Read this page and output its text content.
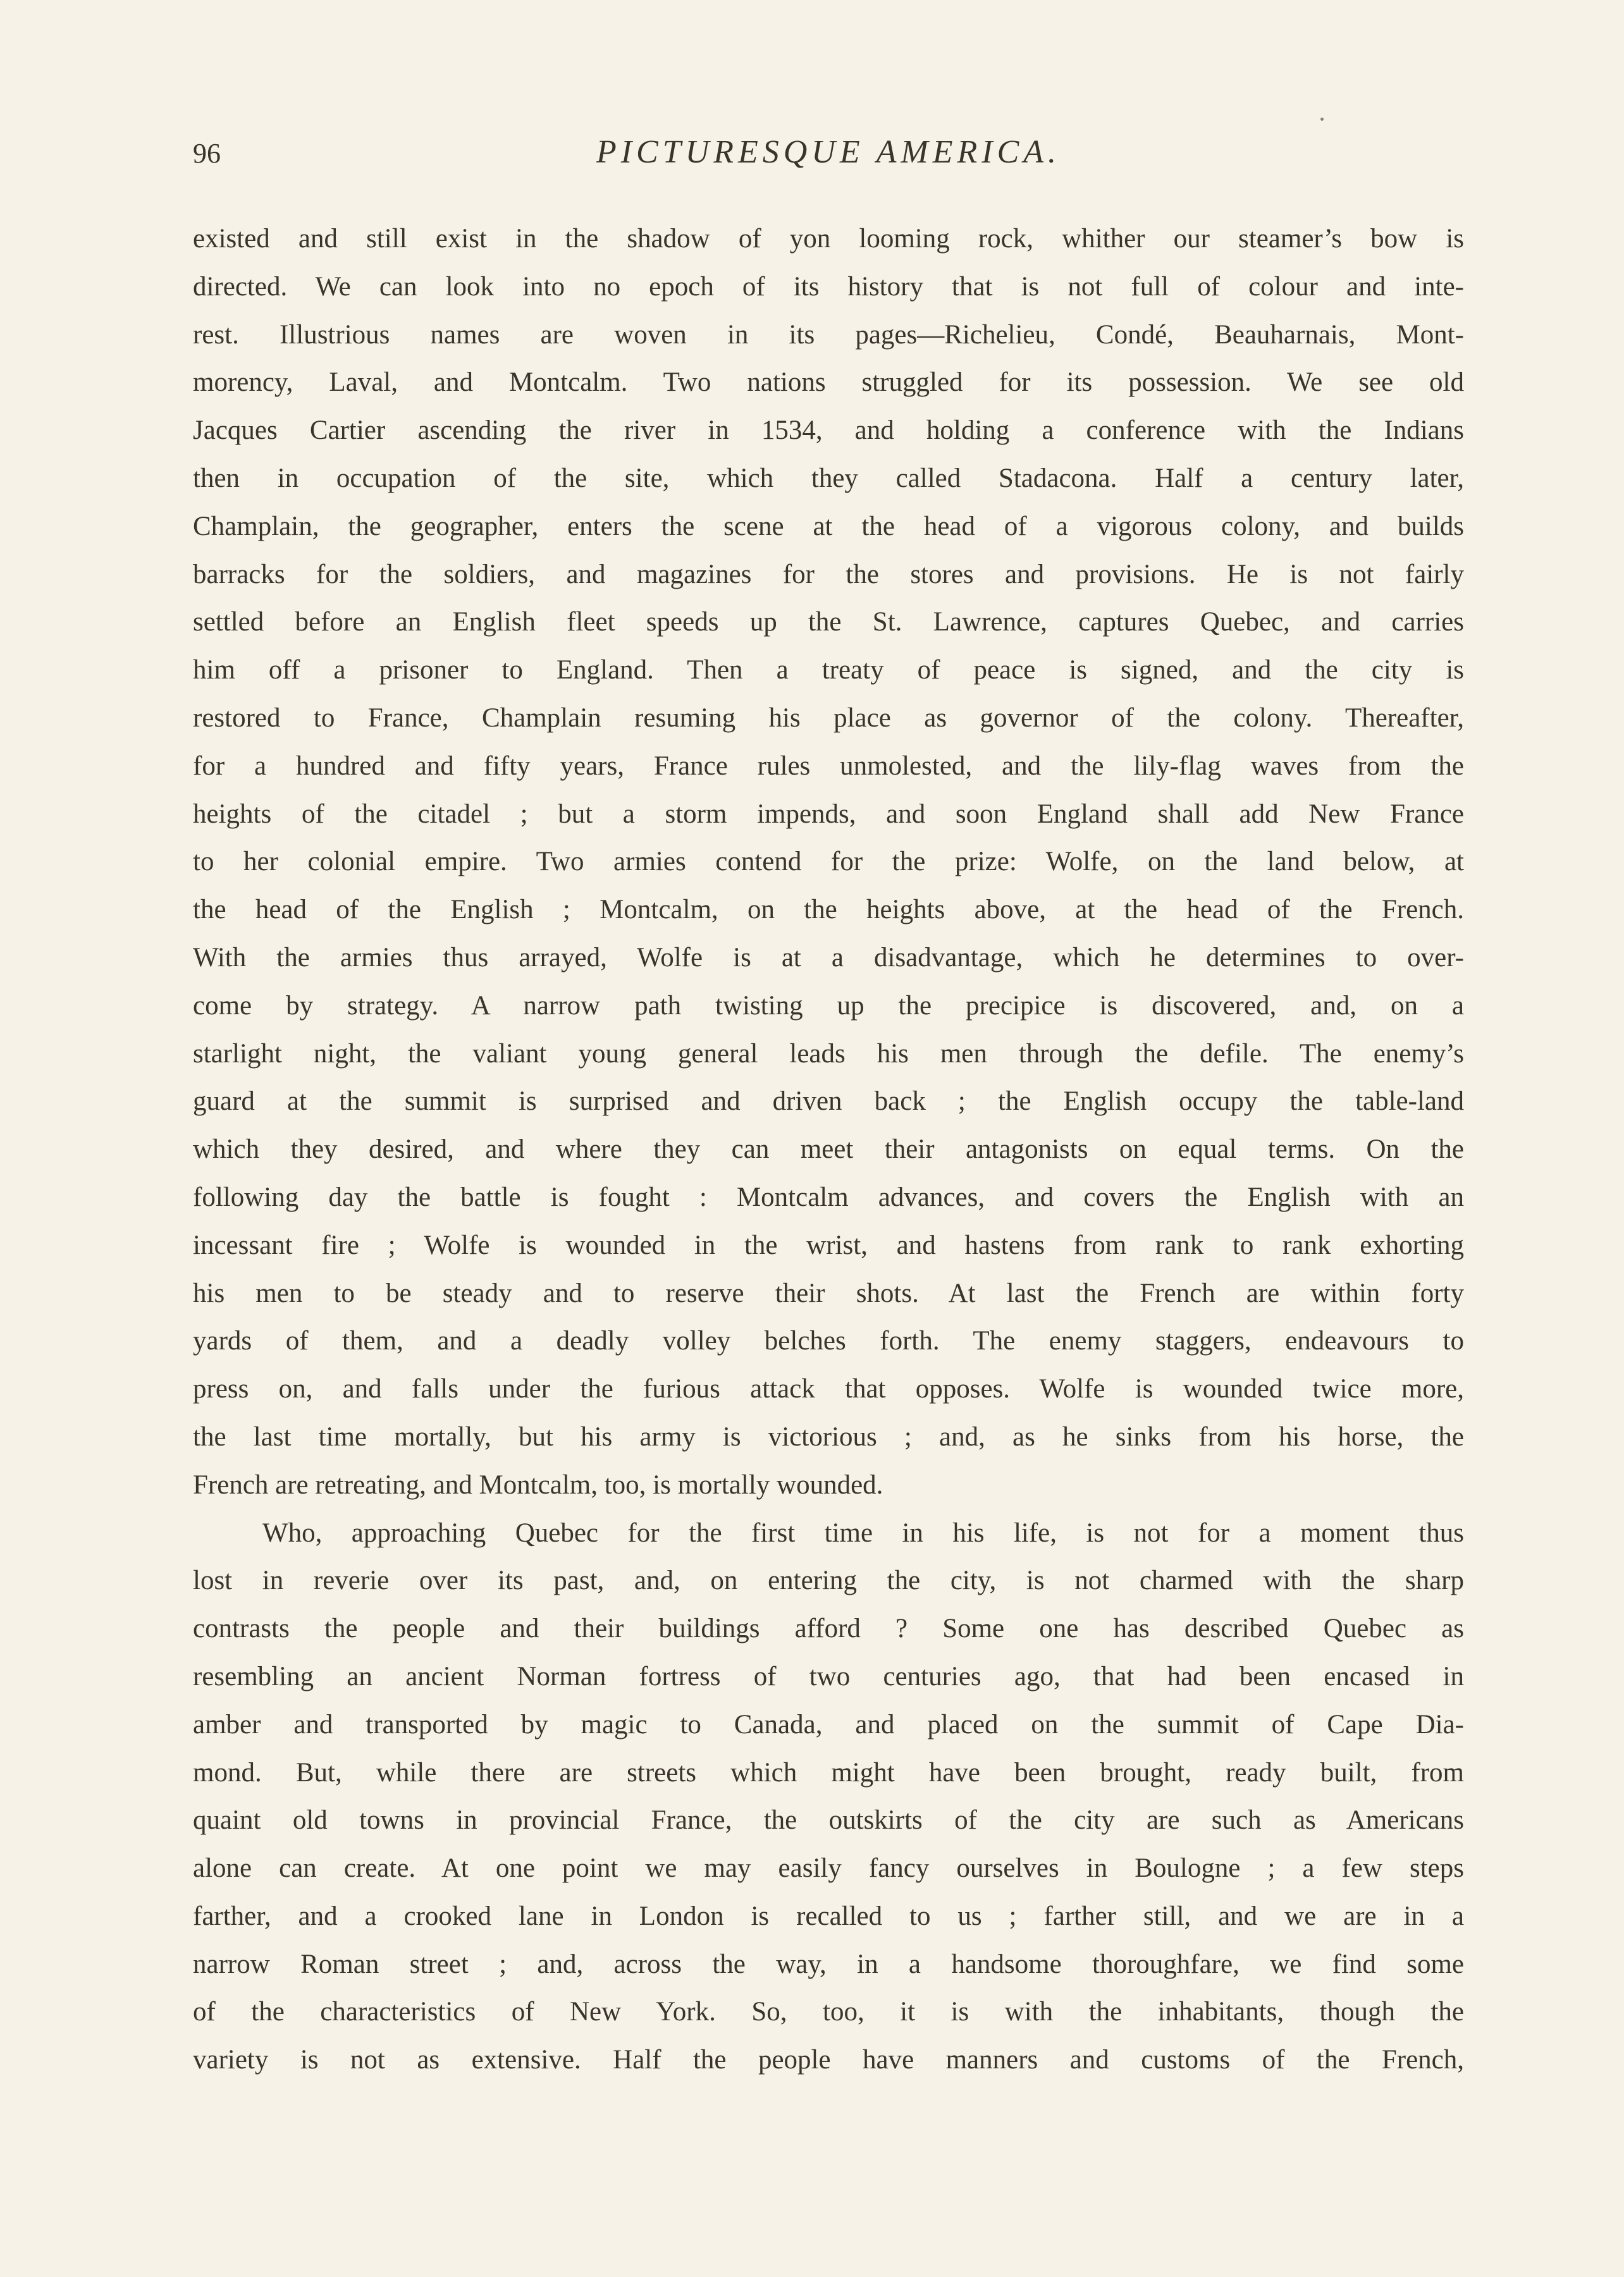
96	PICTURESQUE AMERICA.
existed and still exist in the shadow of yon looming rock, whither our steamer’s bow is
directed. We can look into no epoch of its history that is not full of colour and inte-
rest. Illustrious names are woven in its pages—Richelieu, Condé, Beauharnais, Mont-
morency, Laval, and Montcalm. Two nations struggled for its possession. We see old
Jacques Cartier ascending the river in 1534, and holding a conference with the Indians
then in occupation of the site, which they called Stadacona. Half a century later,
Champlain, the geographer, enters the scene at the head of a vigorous colony, and builds
barracks for the soldiers, and magazines for the stores and provisions. He is not fairly
settled before an English fleet speeds up the St. Lawrence, captures Quebec, and carries
him off a prisoner to England. Then a treaty of peace is signed, and the city is
restored to France, Champlain resuming his place as governor of the colony. Thereafter,
for a hundred and fifty years, France rules unmolested, and the lily-flag waves from the
heights of the citadel ; but a storm impends, and soon England shall add New France
to her colonial empire. Two armies contend for the prize: Wolfe, on the land below, at
the head of the English ; Montcalm, on the heights above, at the head of the French.
With the armies thus arrayed, Wolfe is at a disadvantage, which he determines to over-
come by strategy. A narrow path twisting up the precipice is discovered, and, on a
starlight night, the valiant young general leads his men through the defile. The enemy’s
guard at the summit is surprised and driven back ; the English occupy the table-land
which they desired, and where they can meet their antagonists on equal terms. On the
following day the battle is fought : Montcalm advances, and covers the English with an
incessant fire ; Wolfe is wounded in the wrist, and hastens from rank to rank exhorting
his men to be steady and to reserve their shots. At last the French are within forty
yards of them, and a deadly volley belches forth. The enemy staggers, endeavours to
press on, and falls under the furious attack that opposes. Wolfe is wounded twice more,
the last time mortally, but his army is victorious ; and, as he sinks from his horse, the
French are retreating, and Montcalm, too, is mortally wounded.
Who, approaching Quebec for the first time in his life, is not for a moment thus
lost in reverie over its past, and, on entering the city, is not charmed with the sharp
contrasts the people and their buildings afford ? Some one has described Quebec as
resembling an ancient Norman fortress of two centuries ago, that had been encased in
amber and transported by magic to Canada, and placed on the summit of Cape Dia-
mond. But, while there are streets which might have been brought, ready built, from
quaint old towns in provincial France, the outskirts of the city are such as Americans
alone can create. At one point we may easily fancy ourselves in Boulogne ; a few steps
farther, and a crooked lane in London is recalled to us ; farther still, and we are in a
narrow Roman street ; and, across the way, in a handsome thoroughfare, we find some
of the characteristics of New York. So, too, it is with the inhabitants, though the
variety is not as extensive. Half the people have manners and customs of the French,
